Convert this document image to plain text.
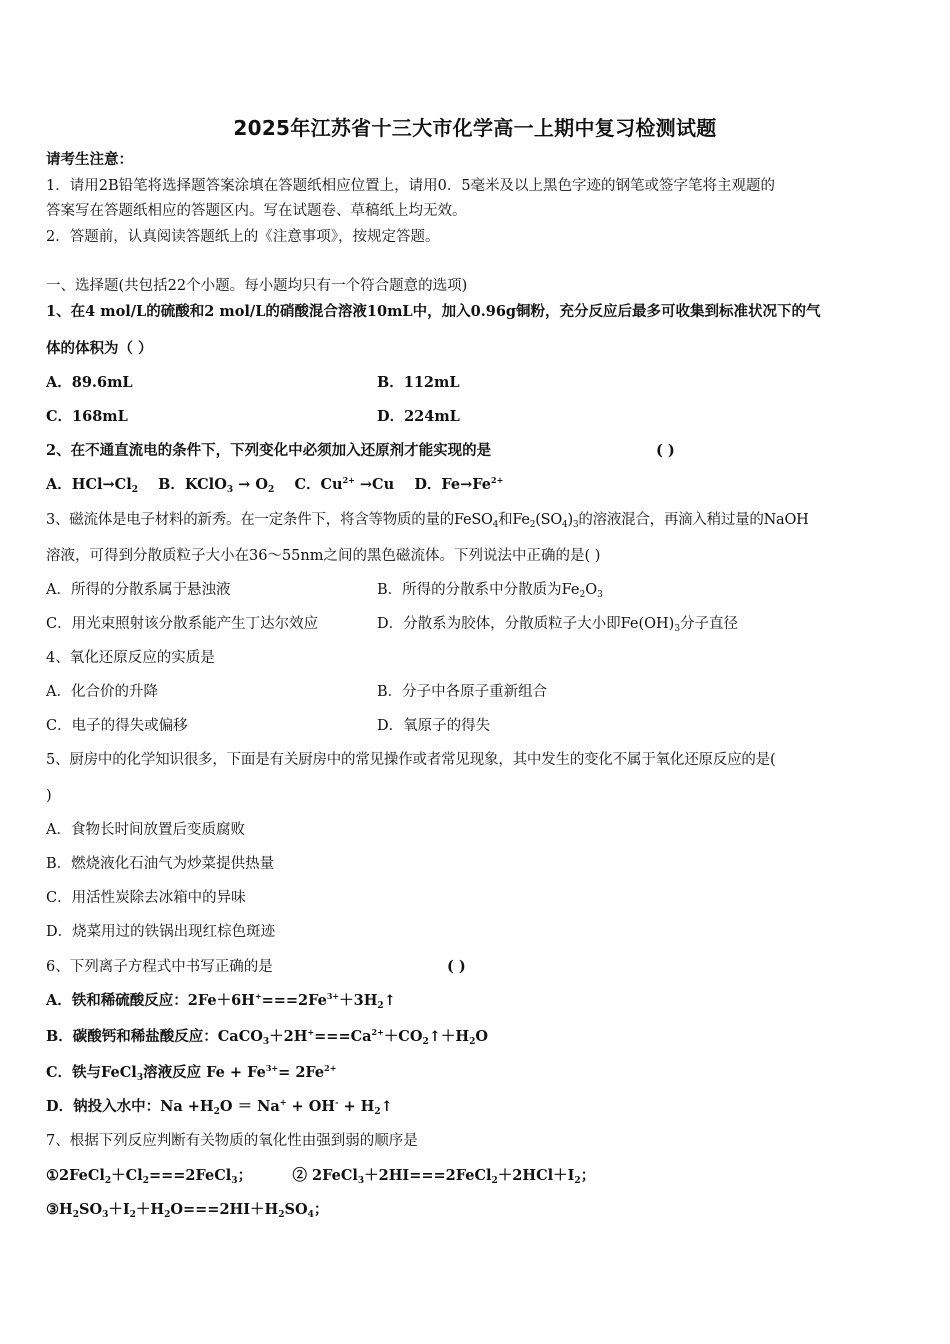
2025年江苏省十三大市化学高一上期中复习检测试题
请考生注意：
1．请用2B铅笔将选择题答案涂填在答题纸相应位置上，请用0．5毫米及以上黑色字迹的钢笔或签字笔将主观题的
答案写在答题纸相应的答题区内。写在试题卷、草稿纸上均无效。
2．答题前，认真阅读答题纸上的《注意事项》，按规定答题。
一、选择题(共包括22个小题。每小题均只有一个符合题意的选项)
1、在4 mol/L的硫酸和2 mol/L的硝酸混合溶液10mL中，加入0.96g铜粉，充分反应后最多可收集到标准状况下的气
体的体积为（ ）
A．89.6mL	B．112mL
C．168mL	D．224mL
2、在不通直流电的条件下，下列变化中必须加入还原剂才能实现的是	( )
A．$HCl\to Cl_2$ B．KClO$_3$ → $O_2$ C．$Cu^{2+} \to Cu$ D．$Fe\to Fe^{2+}$
3、磁流体是电子材料的新秀。在一定条件下，将含等物质的量的FeSO$_4$和$Fe_2(SO_4)_3$的溶液混合，再滴入稍过量的NaOH
溶液，可得到分散质粒子大小在36～55nm之间的黑色磁流体。下列说法中正确的是( )
A．所得的分散系属于悬浊液	B．所得的分散系中分散质为$Fe_2O_3$
C．用光束照射该分散系能产生丁达尔效应	D．分散系为胶体，分散质粒子大小即$Fe(OH)_3$分子直径
4、氧化还原反应的实质是
A．化合价的升降	B．分子中各原子重新组合
C．电子的得失或偏移	D．氧原子的得失
5、厨房中的化学知识很多，下面是有关厨房中的常见操作或者常见现象，其中发生的变化不属于氧化还原反应的是(
)
A．食物长时间放置后变质腐败
B．燃烧液化石油气为炒菜提供热量
C．用活性炭除去冰箱中的异味
D．烧菜用过的铁锅出现红棕色斑迹
6、下列离子方程式中书写正确的是	( )
A．铁和稀硫酸反应：$2Fe+6H^+===2Fe^{3+}+3H_2↑$
B．碳酸钙和稀盐酸反应：$CaCO_3+2H^+===Ca^{2+}+CO_2↑+H_2O$
C．铁与FeCl$_3$溶液反应 $Fe + Fe^{3+}= 2Fe^{2+}$
D．钠投入水中：$Na +H_2O = Na^+ + OH^-$ + $H_2↑$
7、根据下列反应判断有关物质的氧化性由强到弱的顺序是
$①2FeCl_2+Cl_2===2FeCl_3$；	② $2FeCl_3+2HI===2FeCl_2+2HCl+I_2$；
$③H_2SO_3+I_2+H_2O===2HI+H_2SO_4$；
